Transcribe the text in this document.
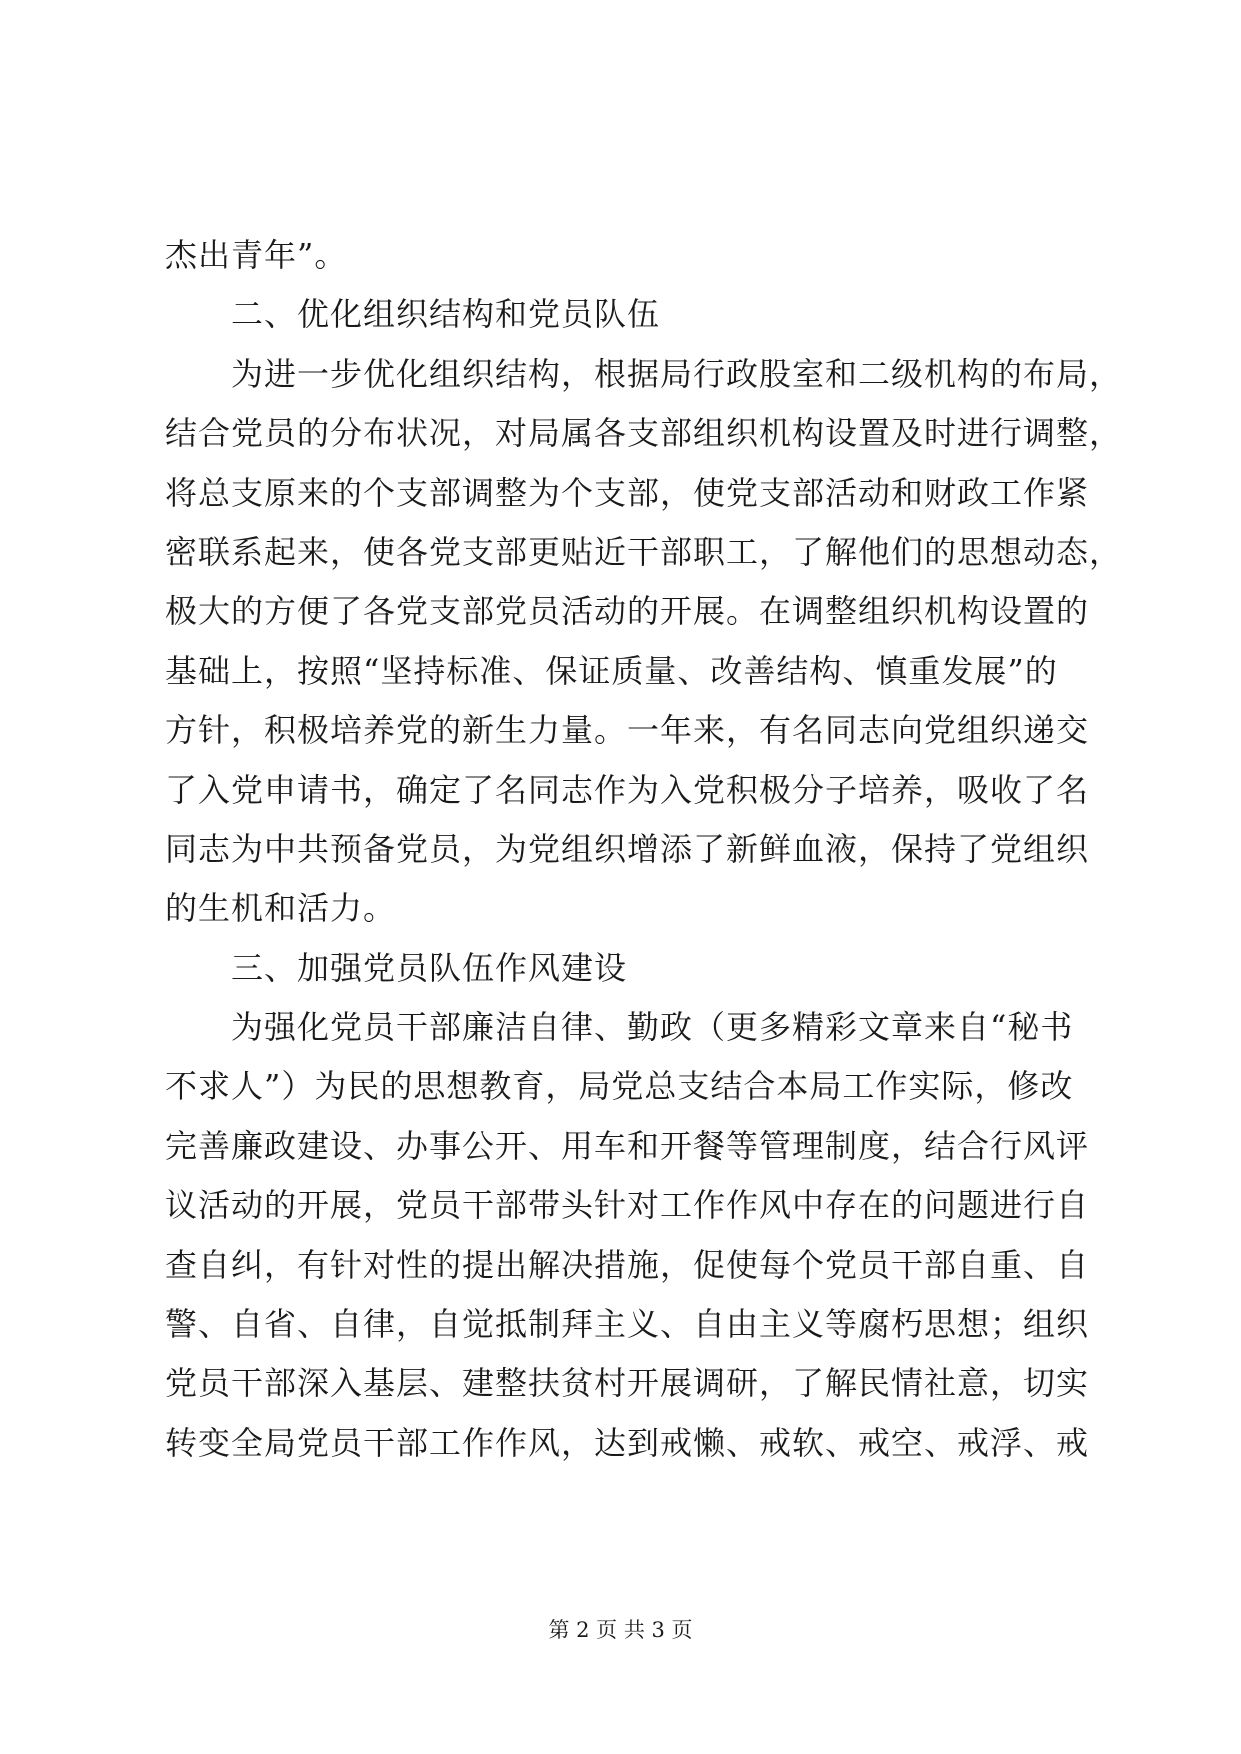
杰出青年”。
二、优化组织结构和党员队伍
为进一步优化组织结构，根据局行政股室和二级机构的布局，
结合党员的分布状况，对局属各支部组织机构设置及时进行调整，
将总支原来的个支部调整为个支部，使党支部活动和财政工作紧
密联系起来，使各党支部更贴近干部职工，了解他们的思想动态，
极大的方便了各党支部党员活动的开展。在调整组织机构设置的
基础上，按照“坚持标准、保证质量、改善结构、慎重发展”的
方针，积极培养党的新生力量。一年来，有名同志向党组织递交
了入党申请书，确定了名同志作为入党积极分子培养，吸收了名
同志为中共预备党员，为党组织增添了新鲜血液，保持了党组织
的生机和活力。
三、加强党员队伍作风建设
为强化党员干部廉洁自律、勤政（更多精彩文章来自“秘书
不求人”）为民的思想教育，局党总支结合本局工作实际，修改
完善廉政建设、办事公开、用车和开餐等管理制度，结合行风评
议活动的开展，党员干部带头针对工作作风中存在的问题进行自
查自纠，有针对性的提出解决措施，促使每个党员干部自重、自
警、自省、自律，自觉抵制拜主义、自由主义等腐朽思想；组织
党员干部深入基层、建整扶贫村开展调研，了解民情社意，切实
转变全局党员干部工作作风，达到戒懒、戒软、戒空、戒浮、戒
第 2 页 共 3 页
